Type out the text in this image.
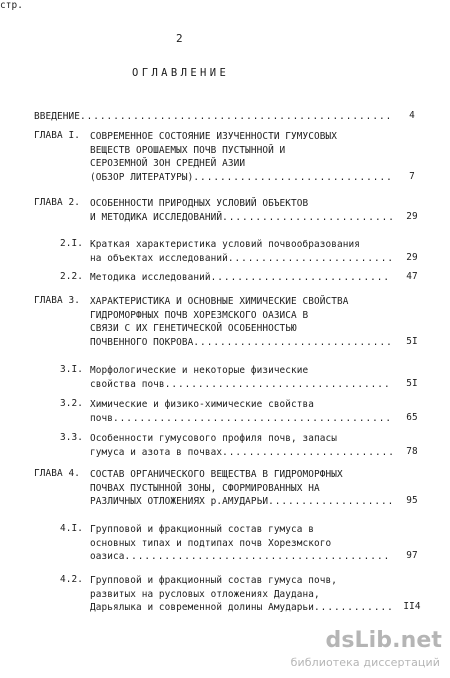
2
ОГЛАВЛЕНИЕ
стр.
ВВЕДЕНИЕ .....	4
ГЛАВА I. СОВРЕМЕННОЕ СОСТОЯНИЕ ИЗУЧЕННОСТИ ГУМУСОВЫХ
ВЕЩЕСТВ ОРОШАЕМЫХ ПОЧВ ПУСТЫННОЙ И
СЕРОЗЕМНОЙ ЗОН СРЕДНЕЙ АЗИИ
(ОБЗОР ЛИТЕРАТУРЫ) .....	7
ГЛАВА 2. ОСОБЕННОСТИ ПРИРОДНЫХ УСЛОВИЙ ОБЪЕКТОВ
И МЕТОДИКА ИССЛЕДОВАНИЙ .....	29
2.I. Краткая характеристика условий почвообразования
на объектах исследований .....	29
2.2. Методика исследований .....	47
ГЛАВА 3. ХАРАКТЕРИСТИКА И ОСНОВНЫЕ ХИМИЧЕСКИЕ СВОЙСТВА
ГИДРОМОРФНЫХ ПОЧВ ХОРЕЗМСКОГО ОАЗИСА В
СВЯЗИ С ИХ ГЕНЕТИЧЕСКОЙ ОСОБЕННОСТЬЮ
ПОЧВЕННОГО ПОКРОВА .....	5I
3.I. Морфологические и некоторые физические
свойства почв .....	5I
3.2. Химические и физико-химические свойства
почв .....	65
3.3. Особенности гумусового профиля почв, запасы
гумуса и азота в почвах .....	78
ГЛАВА 4. СОСТАВ ОРГАНИЧЕСКОГО ВЕЩЕСТВА В ГИДРОМОРФНЫХ
ПОЧВАХ ПУСТЫННОЙ ЗОНЫ, СФОРМИРОВАННЫХ НА
РАЗЛИЧНЫХ ОТЛОЖЕНИЯХ р.АМУДАРЬИ .....	95
4.I. Групповой и фракционный состав гумуса в
основных типах и подтипах почв Хорезмского
оазиса .....	97
4.2. Групповой и фракционный состав гумуса почв,
развитых на русловых отложениях Даудана,
Дарьялыка и современной долины Амударьи .....	II4
dsLib.net
библиотека диссертаций
